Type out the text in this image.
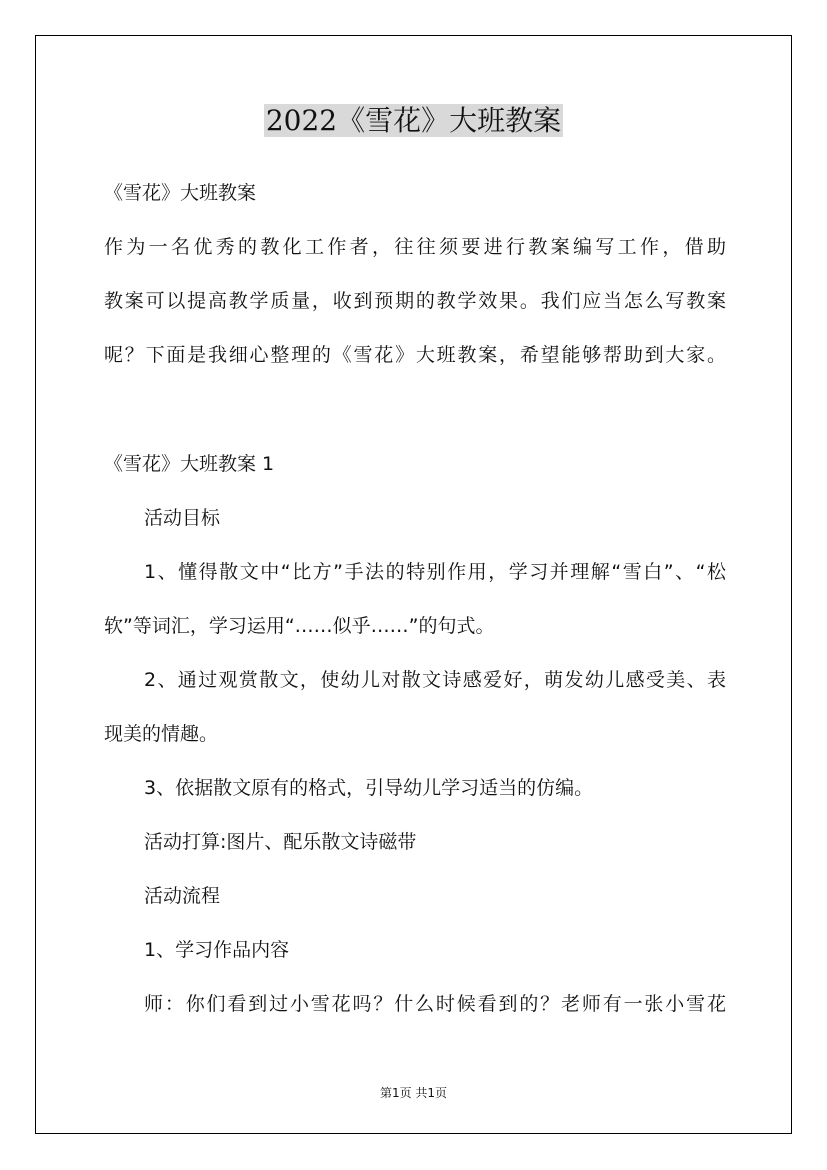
2022《雪花》大班教案
《雪花》大班教案
作为一名优秀的教化工作者，往往须要进行教案编写工作，借助
教案可以提高教学质量，收到预期的教学效果。我们应当怎么写教案
呢？下面是我细心整理的《雪花》大班教案，希望能够帮助到大家。
《雪花》大班教案 1
活动目标
1、懂得散文中“比方”手法的特别作用，学习并理解“雪白”、“松
软”等词汇，学习运用“……似乎……”的句式。
2、通过观赏散文，使幼儿对散文诗感爱好，萌发幼儿感受美、表
现美的情趣。
3、依据散文原有的格式，引导幼儿学习适当的仿编。
活动打算:图片、配乐散文诗磁带
活动流程
1、学习作品内容
师：你们看到过小雪花吗？什么时候看到的？老师有一张小雪花
第1页 共1页
